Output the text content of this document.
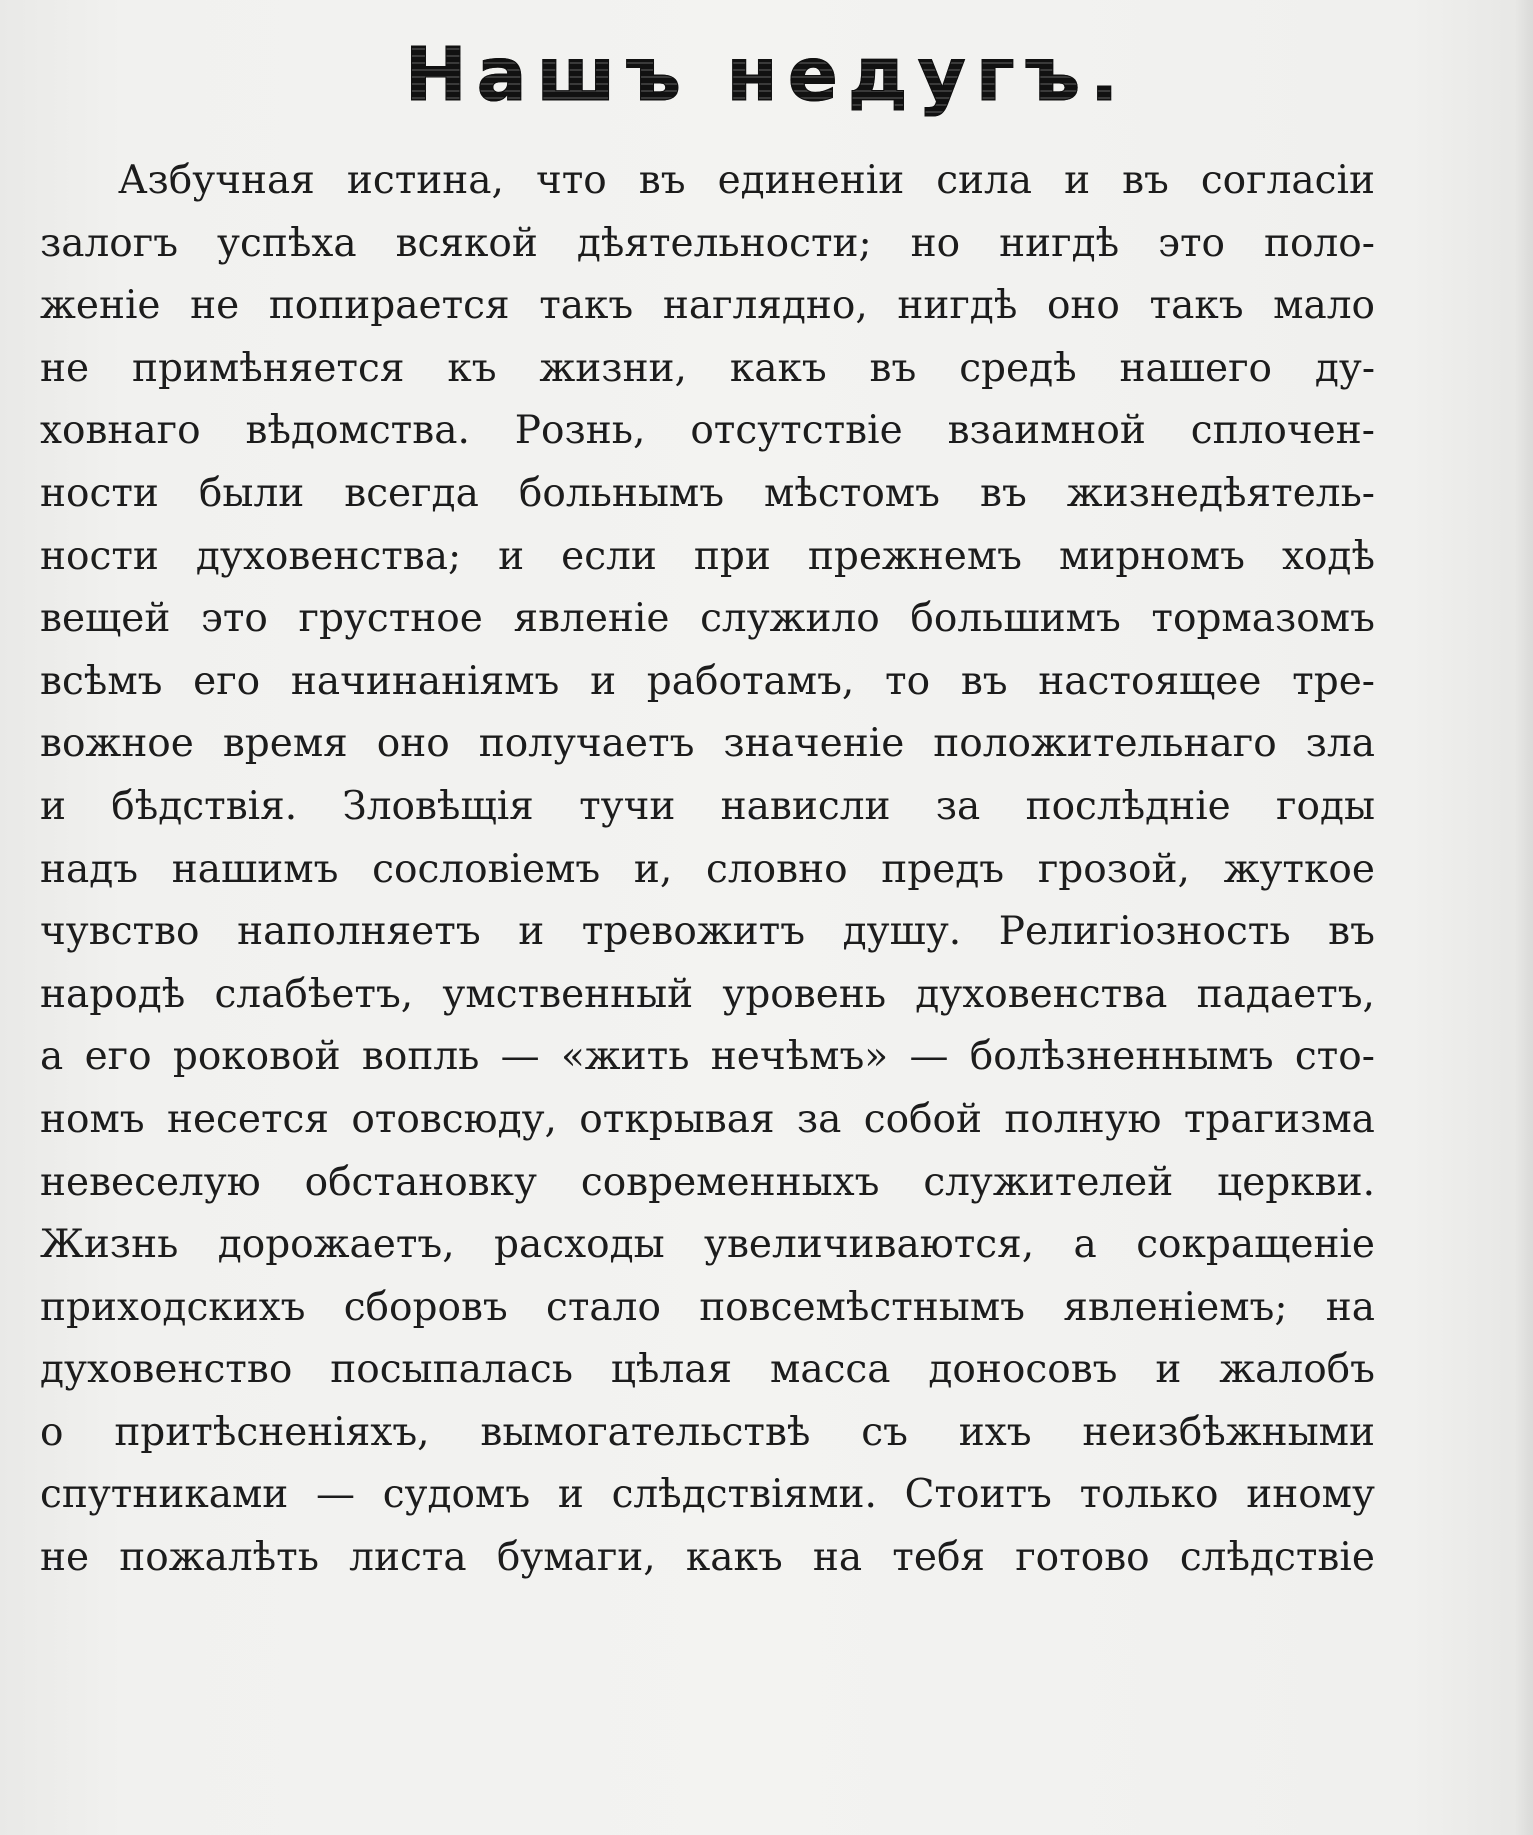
Нашъ недугъ.
Азбучная истина, что въ единеніи сила и въ согласіи
залогъ успѣха всякой дѣятельности; но нигдѣ это поло-
женіе не попирается такъ наглядно, нигдѣ оно такъ мало
не примѣняется къ жизни, какъ въ средѣ нашего ду-
ховнаго вѣдомства. Рознь, отсутствіе взаимной сплочен-
ности были всегда больнымъ мѣстомъ въ жизнедѣятель-
ности духовенства; и если при прежнемъ мирномъ ходѣ
вещей это грустное явленіе служило большимъ тормазомъ
всѣмъ его начинаніямъ и работамъ, то въ настоящее тре-
вожное время оно получаетъ значеніе положительнаго зла
и бѣдствія. Зловѣщія тучи нависли за послѣдніе годы
надъ нашимъ сословіемъ и, словно предъ грозой, жуткое
чувство наполняетъ и тревожитъ душу. Религіозность въ
народѣ слабѣетъ, умственный уровень духовенства падаетъ,
а его роковой вопль — «жить нечѣмъ» — болѣзненнымъ сто-
номъ несется отовсюду, открывая за собой полную трагизма
невеселую обстановку современныхъ служителей церкви.
Жизнь дорожаетъ, расходы увеличиваются, а сокращеніе
приходскихъ сборовъ стало повсемѣстнымъ явленіемъ; на
духовенство посыпалась цѣлая масса доносовъ и жалобъ
о притѣсненіяхъ, вымогательствѣ съ ихъ неизбѣжными
спутниками — судомъ и слѣдствіями. Стоитъ только иному
не пожалѣть листа бумаги, какъ на тебя готово слѣдствіе
